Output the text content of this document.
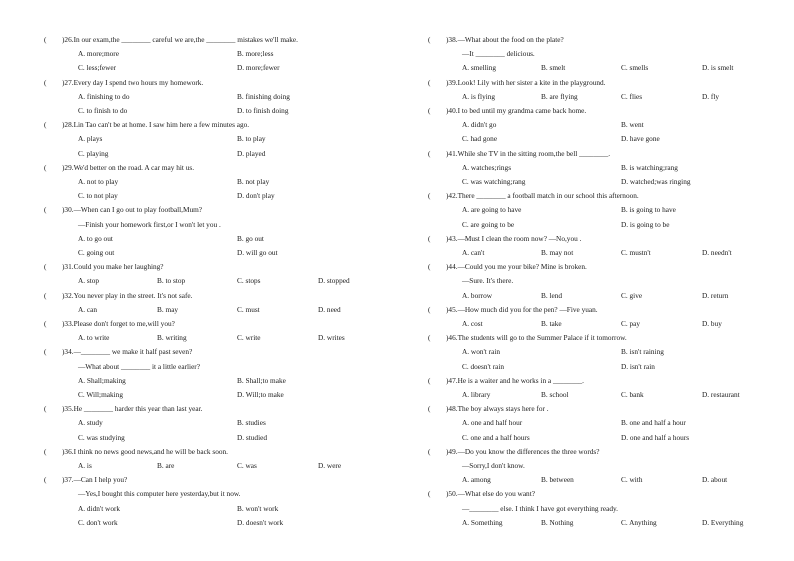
( )26.In our exam,the ________ careful we are,the ________ mistakes we'll make.
A. more;more	B. more;less
C. less;fewer	D. more;fewer
( )27.Every day I spend two hours my homework.
A. finishing to do	B. finishing doing
C. to finish to do	D. to finish doing
( )28.Lin Tao can't be at home. I saw him here a few minutes ago.
A. plays	B. to play
C. playing	D. played
( )29.We'd better on the road. A car may hit us.
A. not to play	B. not play
C. to not play	D. don't play
( )30.—When can I go out to play football,Mum?
—Finish your homework first,or I won't let you .
A. to go out	B. go out
C. going out	D. will go out
( )31.Could you make her laughing?
A. stop	B. to stop	C. stops	D. stopped
( )32.You never play in the street. It's not safe.
A. can	B. may	C. must	D. need
( )33.Please don't forget to me,will you?
A. to write	B. writing	C. write	D. writes
( )34.—________ we make it half past seven?
—What about ________ it a little earlier?
A. Shall;making	B. Shall;to make
C. Will;making	D. Will;to make
( )35.He ________ harder this year than last year.
A. study	B. studies
C. was studying	D. studied
( )36.I think no news good news,and he will be back soon.
A. is	B. are	C. was	D. were
( )37.—Can I help you?
—Yes,I bought this computer here yesterday,but it now.
A. didn't work	B. won't work
C. don't work	D. doesn't work
( )38.—What about the food on the plate?
—It ________ delicious.
A. smelling	B. smelt	C. smells	D. is smelt
( )39.Look! Lily with her sister a kite in the playground.
A. is flying	B. are flying	C. flies	D. fly
( )40.I to bed until my grandma came back home.
A. didn't go	B. went
C. had gone	D. have gone
( )41.While she TV in the sitting room,the bell ________.
A. watches;rings	B. is watching;rang
C. was watching;rang	D. watched;was ringing
( )42.There ________ a football match in our school this afternoon.
A. are going to have	B. is going to have
C. are going to be	D. is going to be
( )43.—Must I clean the room now? —No,you .
A. can't	B. may not	C. mustn't	D. needn't
( )44.—Could you me your bike? Mine is broken.
—Sure. It's there.
A. borrow	B. lend	C. give	D. return
( )45.—How much did you for the pen? —Five yuan.
A. cost	B. take	C. pay	D. buy
( )46.The students will go to the Summer Palace if it tomorrow.
A. won't rain	B. isn't raining
C. doesn't rain	D. isn't rain
( )47.He is a waiter and he works in a ________.
A. library	B. school	C. bank	D. restaurant
( )48.The boy always stays here for .
A. one and half hour	B. one and half a hour
C. one and a half hours	D. one and half a hours
( )49.—Do you know the differences the three words?
—Sorry,I don't know.
A. among	B. between	C. with	D. about
( )50.—What else do you want?
—________ else. I think I have got everything ready.
A. Something	B. Nothing	C. Anything	D. Everything
